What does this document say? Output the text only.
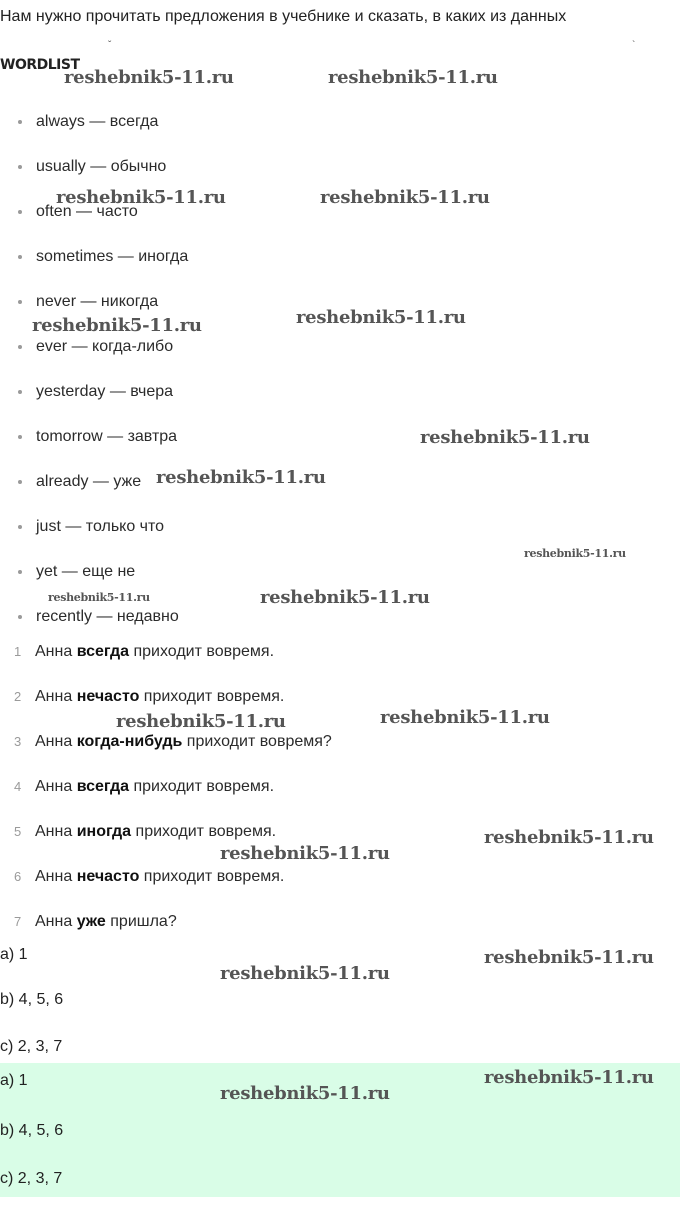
Нам нужно прочитать предложения в учебнике и сказать, в каких из данных
ˇ	`
WORDLIST
always — всегда
usually — обычно
often — часто
sometimes — иногда
never — никогда
ever — когда-либо
yesterday — вчера
tomorrow — завтра
already — уже
just — только что
yet — еще не
recently — недавно
1 Анна всегда приходит вовремя.
2 Анна нечасто приходит вовремя.
3 Анна когда-нибудь приходит вовремя?
4 Анна всегда приходит вовремя.
5 Анна иногда приходит вовремя.
6 Анна нечасто приходит вовремя.
7 Анна уже пришла?
a) 1
b) 4, 5, 6
c) 2, 3, 7
a) 1
b) 4, 5, 6
c) 2, 3, 7
reshebnik5-11.ru	reshebnik5-11.ru
reshebnik5-11.ru	reshebnik5-11.ru
reshebnik5-11.ru	reshebnik5-11.ru
reshebnik5-11.ru
reshebnik5-11.ru
reshebnik5-11.ru
reshebnik5-11.ru	reshebnik5-11.ru
reshebnik5-11.ru	reshebnik5-11.ru
reshebnik5-11.ru
reshebnik5-11.ru
reshebnik5-11.ru
reshebnik5-11.ru
reshebnik5-11.ru
reshebnik5-11.ru
